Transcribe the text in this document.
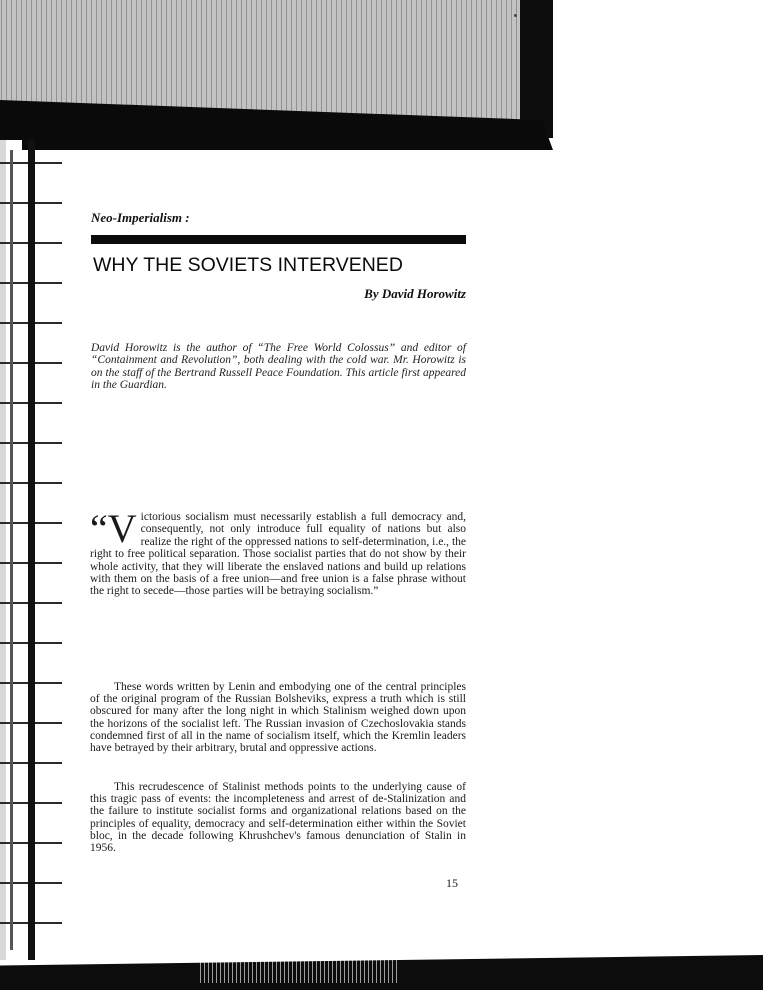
Neo-Imperialism :
WHY THE SOVIETS INTERVENED
By David Horowitz
David Horowitz is the author of “The Free World Colossus” and editor of “Containment and Revolution”, both dealing with the cold war. Mr. Horowitz is on the staff of the Bertrand Russell Peace Foundation. This article first appeared in the Guardian.
“V ictorious socialism must necessarily establish a full democracy and, consequently, not only introduce full equality of nations but also realize the right of the oppressed nations to self-determination, i.e., the right to free political separation. Those socialist parties that do not show by their whole activity, that they will liberate the enslaved nations and build up relations with them on the basis of a free union—and free union is a false phrase without the right to secede—those parties will be betraying socialism.”

These words written by Lenin and embodying one of the central principles of the original program of the Russian Bolsheviks, express a truth which is still obscured for many after the long night in which Stalinism weighed down upon the horizons of the socialist left. The Russian invasion of Czechoslovakia stands condemned first of all in the name of socialism itself, which the Kremlin leaders have betrayed by their arbitrary, brutal and oppressive actions.

This recrudescence of Stalinist methods points to the underlying cause of this tragic pass of events: the incompleteness and arrest of de-Stalinization and the failure to institute socialist forms and organizational relations based on the principles of equality, democracy and self-determination either within the Soviet bloc, in the decade following Khrushchev's famous denunciation of Stalin in 1956.

15
